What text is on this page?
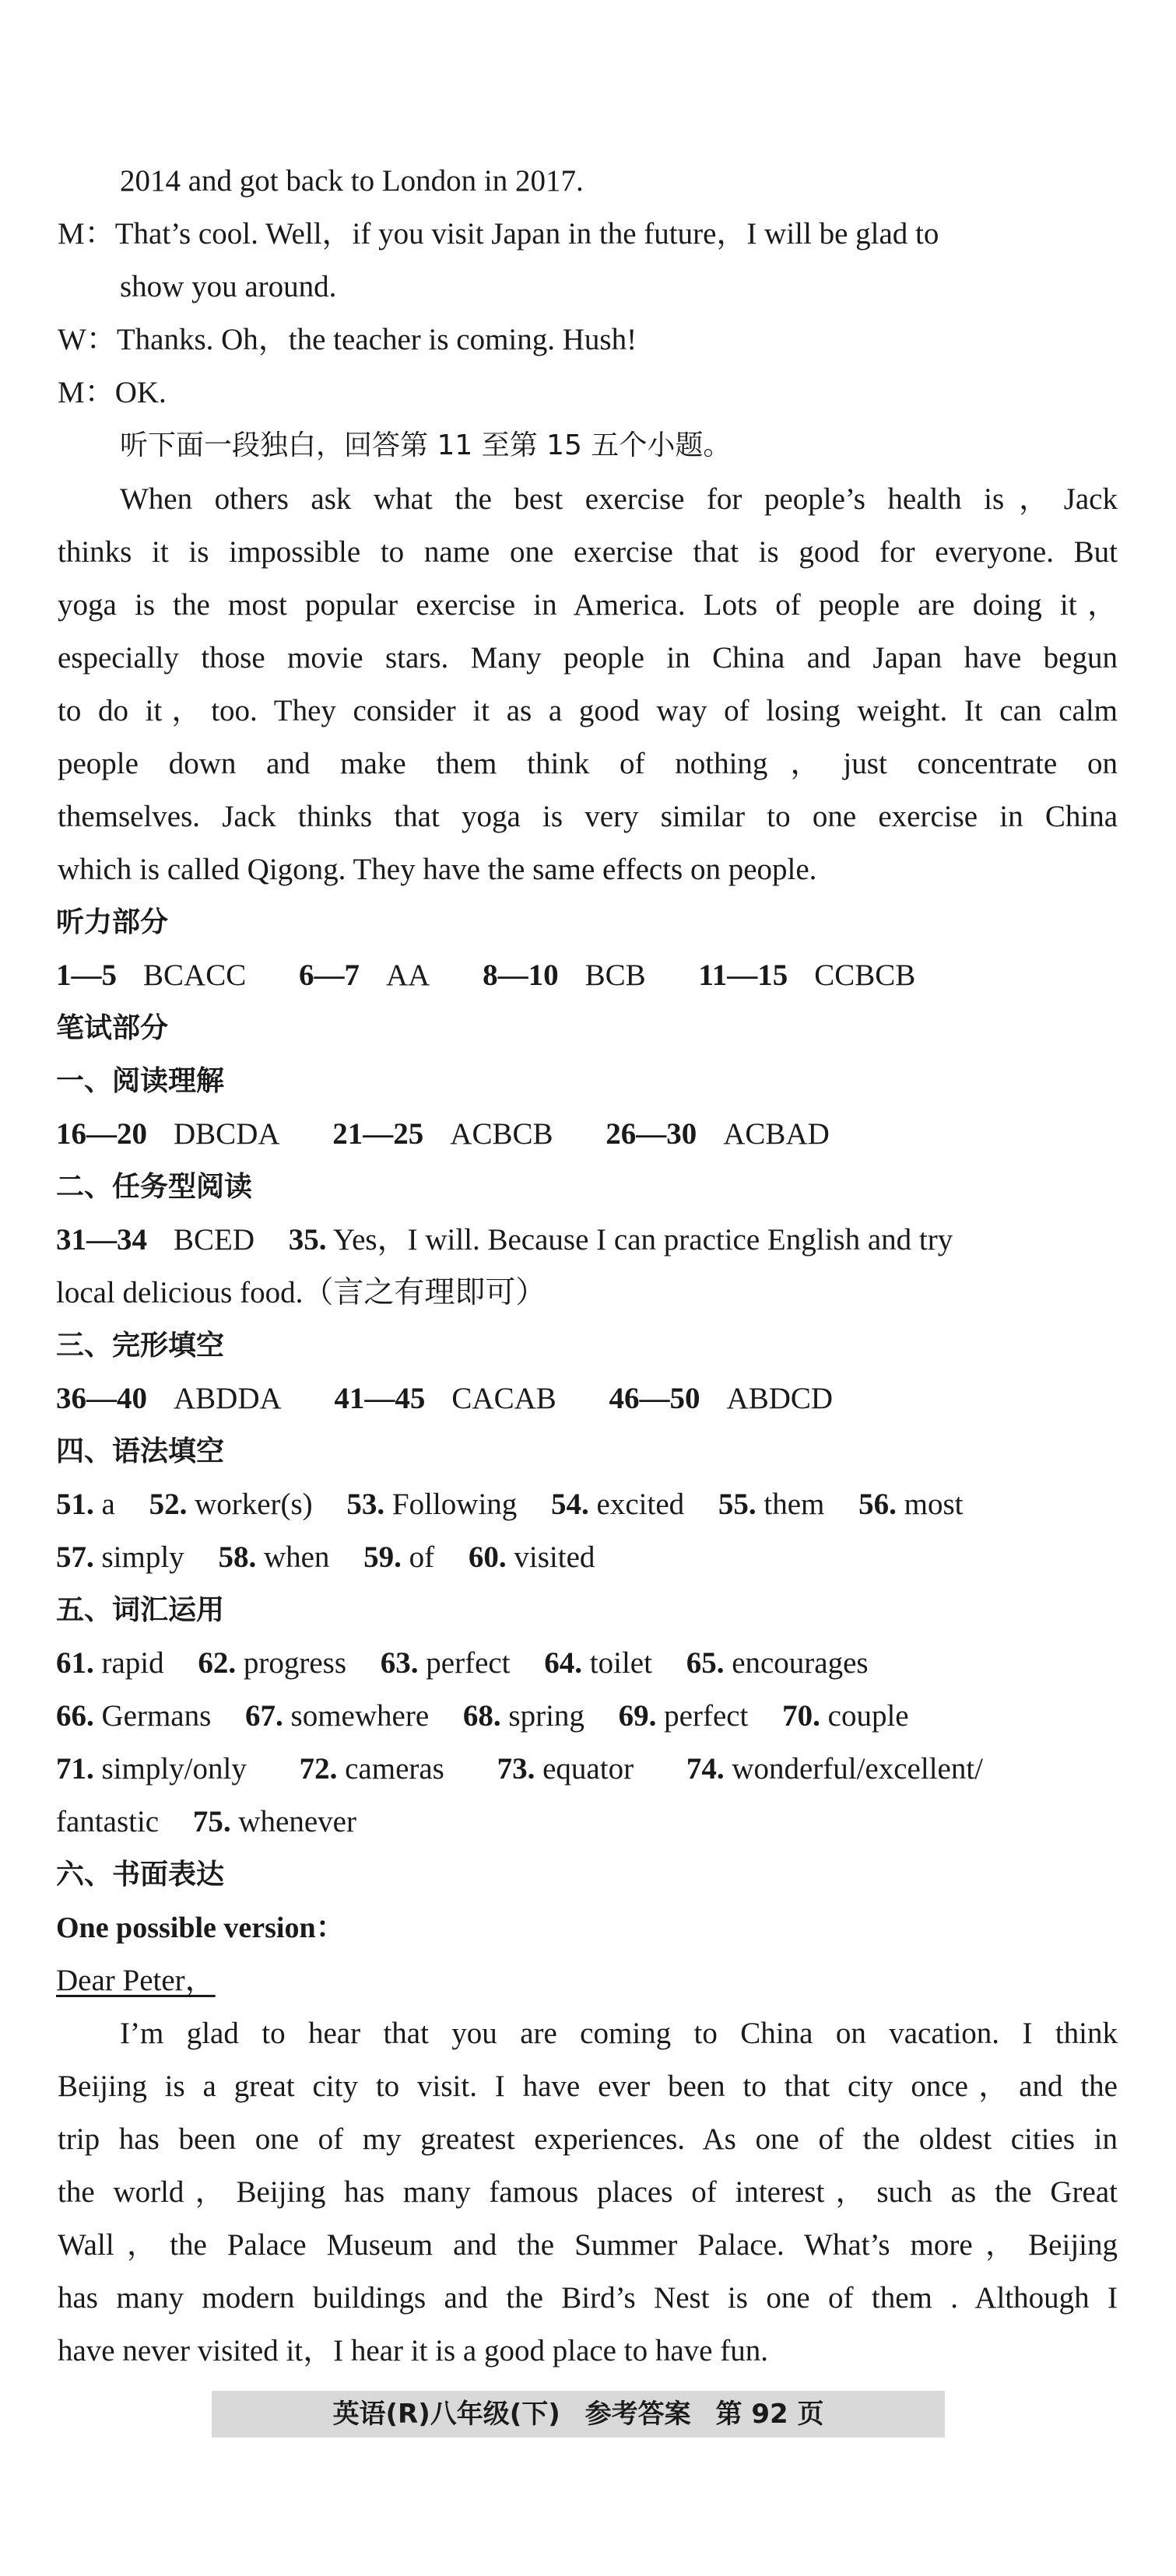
2014 and got back to London in 2017.
M：That’s cool. Well，if you visit Japan in the future，I will be glad to
show you around.
W：Thanks. Oh，the teacher is coming. Hush!
M：OK.
听下面一段独白，回答第 11 至第 15 五个小题。
When others ask what the best exercise for people’s health is，Jack
thinks it is impossible to name one exercise that is good for everyone. But
yoga is the most popular exercise in America. Lots of people are doing it，
especially those movie stars. Many people in China and Japan have begun
to do it，too. They consider it as a good way of losing weight. It can calm
people down and make them think of nothing，just concentrate on
themselves. Jack thinks that yoga is very similar to one exercise in China
which is called Qigong. They have the same effects on people.
听力部分
1—5 BCACC 6—7 AA 8—10 BCB 11—15 CCBCB
笔试部分
一、阅读理解
16—20 DBCDA 21—25 ACBCB 26—30 ACBAD
二、任务型阅读
31—34 BCED 35. Yes，I will. Because I can practice English and try
local delicious food.（言之有理即可）
三、完形填空
36—40 ABDDA 41—45 CACAB 46—50 ABDCD
四、语法填空
51. a 52. worker(s) 53. Following 54. excited 55. them 56. most
57. simply 58. when 59. of 60. visited
五、词汇运用
61. rapid 62. progress 63. perfect 64. toilet 65. encourages
66. Germans 67. somewhere 68. spring 69. perfect 70. couple
71. simply/only 72. cameras 73. equator 74. wonderful/excellent/
fantastic 75. whenever
六、书面表达
One possible version：
Dear Peter，
I’m glad to hear that you are coming to China on vacation. I think
Beijing is a great city to visit. I have ever been to that city once，and the
trip has been one of my greatest experiences. As one of the oldest cities in
the world，Beijing has many famous places of interest，such as the Great
Wall，the Palace Museum and the Summer Palace. What’s more，Beijing
has many modern buildings and the Bird’s Nest is one of them . Although I
have never visited it，I hear it is a good place to have fun.
英语(R)八年级(下) 参考答案 第 92 页
